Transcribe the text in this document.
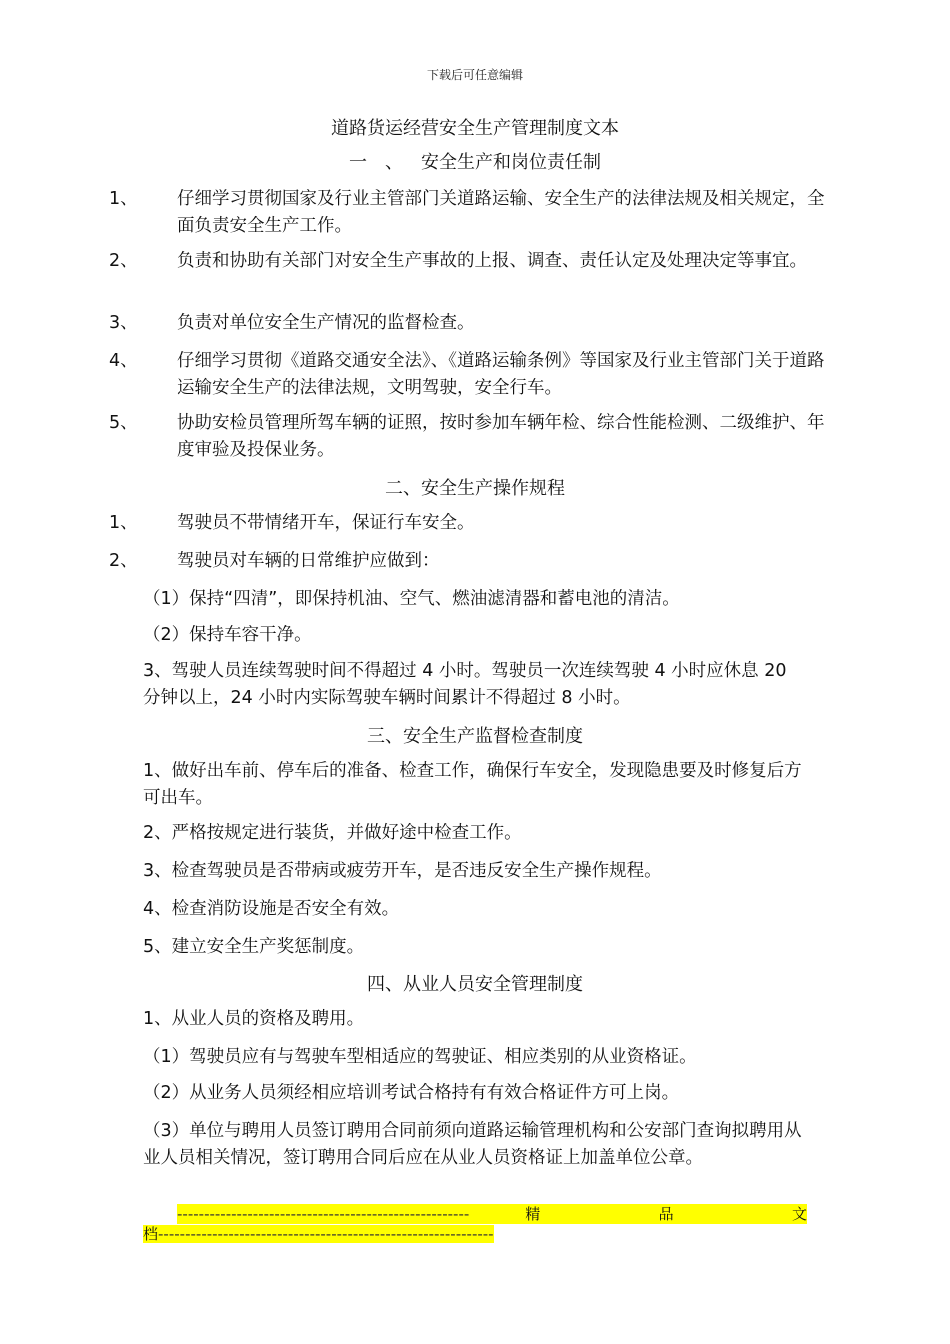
下载后可任意编辑
道路货运经营安全生产管理制度文本
一、安全生产和岗位责任制
1、 仔细学习贯彻国家及行业主管部门关道路运输、安全生产的法律法规及相关规定，全面负责安全生产工作。
2、 负责和协助有关部门对安全生产事故的上报、调查、责任认定及处理决定等事宜。
3、 负责对单位安全生产情况的监督检查。
4、 仔细学习贯彻《道路交通安全法》、《道路运输条例》等国家及行业主管部门关于道路运输安全生产的法律法规，文明驾驶，安全行车。
5、 协助安检员管理所驾车辆的证照，按时参加车辆年检、综合性能检测、二级维护、年度审验及投保业务。
二、安全生产操作规程
1、 驾驶员不带情绪开车，保证行车安全。
2、 驾驶员对车辆的日常维护应做到：
（1）保持“四清”，即保持机油、空气、燃油滤清器和蓄电池的清洁。
（2）保持车容干净。
3、驾驶人员连续驾驶时间不得超过 4 小时。驾驶员一次连续驾驶 4 小时应休息 20 分钟以上，24 小时内实际驾驶车辆时间累计不得超过 8 小时。
三、安全生产监督检查制度
1、做好出车前、停车后的准备、检查工作，确保行车安全，发现隐患要及时修复后方可出车。
2、严格按规定进行装货，并做好途中检查工作。
3、检查驾驶员是否带病或疲劳开车，是否违反安全生产操作规程。
4、检查消防设施是否安全有效。
5、建立安全生产奖惩制度。
四、从业人员安全管理制度
1、从业人员的资格及聘用。
（1）驾驶员应有与驾驶车型相适应的驾驶证、相应类别的从业资格证。
（2）从业务人员须经相应培训考试合格持有有效合格证件方可上岗。
（3）单位与聘用人员签订聘用合同前须向道路运输管理机构和公安部门查询拟聘用从业人员相关情况，签订聘用合同后应在从业人员资格证上加盖单位公章。
------------------------------------------------------	精	品	文
档--------------------------------------------------------------
